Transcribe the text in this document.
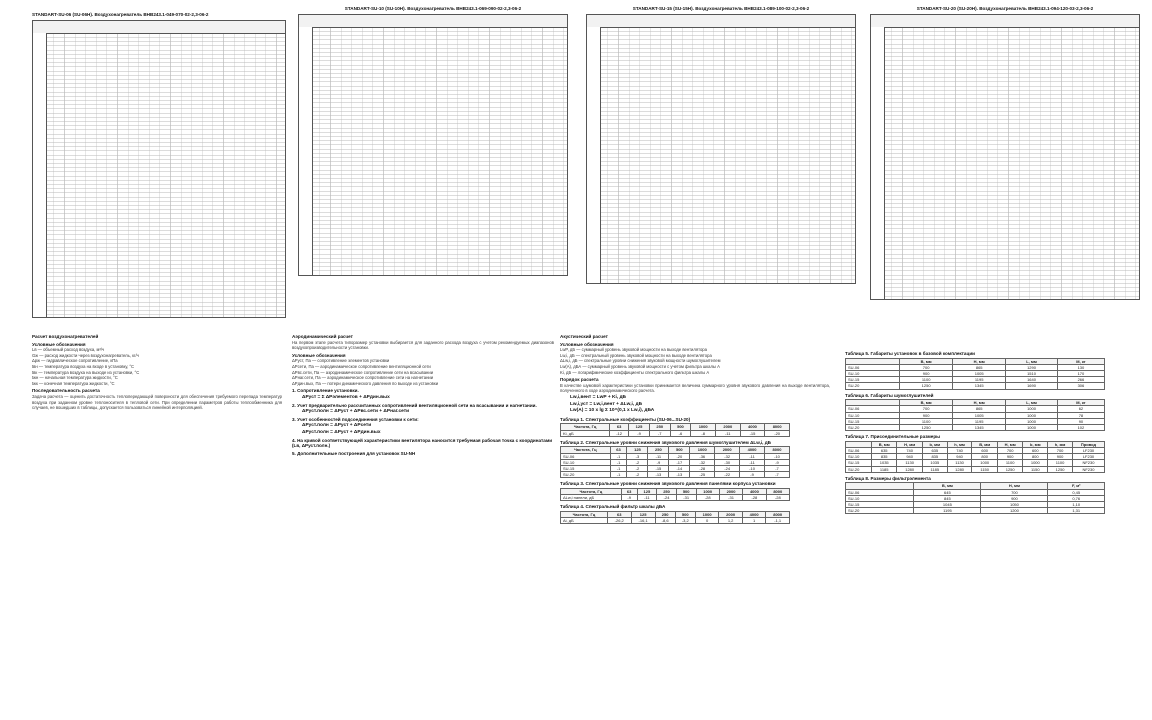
STANDART-SU-06 (SU-06H). Воздухонагреватель ВНВ243.1-049-070-02-2,3-06-2
STANDART-SU-10 (SU-10H). Воздухонагреватель ВНВ243.1-069-090-02-2,3-06-2	STANDART-SU-15 (SU-15H). Воздухонагреватель ВНВ243.1-089-100-02-2,3-06-2	STANDART-SU-20 (SU-20H). Воздухонагреватель ВНВ243.1-094-120-03-2,3-06-2
Расчет воздухонагревателей
Условные обозначения
Lв — объемный расход воздуха, м³/ч
Gж — расход жидкости через воздухонагреватель, кг/ч
Δpж — гидравлическое сопротивление, кПа
tвн — температура воздуха на входе в установку, °С
tвк — температура воздуха на выходе из установки, °С
tжн — начальная температура жидкости, °С
tжк — конечная температура жидкости, °С
Последовательность расчета

Задача расчета — оценить достаточность теплопередающей поверхности для обеспечения требуемого перепада температур воздуха при заданном уровне теплоносителя в тепловой сети. При определении параметров работы теплообменника для случаев, не вошедших в таблицы, допускается пользоваться линейной интерполяцией.

Аэродинамический расчет

На первом этапе расчета типоразмер установки выбирается для заданного расхода воздуха с учетом рекомендуемых диапазонов воздухопроизводительности установки.

Условные обозначения
ΔPуст, Па — сопротивление элементов установки
ΔPсети, Па — аэродинамическое сопротивление вентиляционной сети
ΔPвс.сети, Па — аэродинамическое сопротивление сети на всасывании
ΔPнаг.сети, Па — аэродинамическое сопротивление сети на нагнетании
ΔPдин.вых, Па — потери динамического давления по выходе из установки
1. Сопротивление установки.
ΔPуст = Σ ΔPэлементов + ΔPдин.вых
2. Учет предварительно рассчитанных сопротивлений вентиляционной сети на всасывании и нагнетании.
ΔPуст.полн = ΔPуст + ΔPвс.сети + ΔPнаг.сети
3. Учет особенностей подсоединения установки к сети:
ΔPуст.полн = ΔPуст + ΔPсети
ΔPуст.полн = ΔPуст + ΔPдин.вых
4. На кривой соответствующей характеристики вентилятора наносится требуемая рабочая точка с координатами (Lв, ΔPуст.полн.)
5. Дополнительные построения для установок SU-NH
Акустический расчет
Условные обозначения
LwP, дБ — суммарный уровень звуковой мощности на выходе вентилятора
Lw,i, дБ — спектральный уровень звуковой мощности на выходе вентилятора
ΔLw,i, дБ — спектральные уровни снижения звуковой мощности шумоглушителем
Lw(А), дБА — суммарный уровень звуковой мощности с учетом фильтра шкалы А
Ki, дБ — логарифмические коэффициенты спектрального фильтра шкалы А
Порядок расчета

В качестве шумовой характеристики установки принимается величина суммарного уровня звукового давления на выходе вентилятора, полученного в ходе аэродинамического расчета.

Lw,i,вент = LwP + Ki, дБ
Lw,i,уст = Lw,i,вент + ΔLw,i, дБ
Lw(А) = 10 x lg Σ 10^(0,1 x Lw,i), дБА
Таблица 1. Спектральные коэффициенты (SU-06...SU-20)
Частота, Гц	63	125	250	500	1000	2000	4000	8000
Ki, дБ	-12	-9	-7	-6	-8	-11	-15	-20
Таблица 2. Спектральные уровни снижения звукового давления шумоглушителем ΔLw,i, дБ
Частота, Гц	63	125	250	500	1000	2000	4000	8000
SU-06	-1	-3	-11	-20	-36	-32	-11	-10
SU-10	-1	-2	-9	-17	-32	-30	-11	-9
SU-15	-1	-2	-15	-14	-28	-24	-10	-7
SU-20	-1	-2	-13	-13	-25	-22	-9	-7
Таблица 3. Спектральные уровни снижения звукового давления панелями корпуса установки
Частота, Гц	63	125	250	500	1000	2000	4000	8000
ΔLw,i панели, дБ	-9	-11	-24	-31	-28	-31	-28	-28
Таблица 4. Спектральный фильтр шкалы дБА
Частота, Гц	63	125	250	500	1000	2000	4000	8000
Ai, дБ	-26,2	-16,1	-8,6	-3,2	0	1,2	1	-1,1
Таблица 5. Габариты установок в базовой комплектации
	B, мм	H, мм	L, мм	M, кг
SU-06	700	865	1290	130
SU-10	900	1005	1510	170
SU-15	1100	1195	1640	266
SU-20	1250	1345	1690	306
Таблица 6. Габариты шумоглушителей
	B, мм	H, мм	L, мм	M, кг
SU-06	700	865	1000	62
SU-10	900	1005	1000	78
SU-15	1100	1195	1000	90
SU-20	1250	1345	1000	102
Таблица 7. Присоединительные размеры
	B, мм	H, мм	b, мм	h, мм	B, мм	H, мм	b, мм	h, мм	Привод
SU-06	635	740	635	740	600	700	600	700	LF230
SU-10	835	940	835	940	800	900	800	900	LF230
SU-15	1035	1130	1035	1130	1000	1100	1000	1100	NF230
SU-20	1185	1280	1185	1280	1150	1250	1150	1250	NF230
Таблица 8. Размеры фильтрэлемента
	B, мм	H, мм	F, м²
SU-06	645	700	0,45
SU-10	845	900	0,76
SU-15	1045	1050	1,10
SU-20	1195	1200	1,31
